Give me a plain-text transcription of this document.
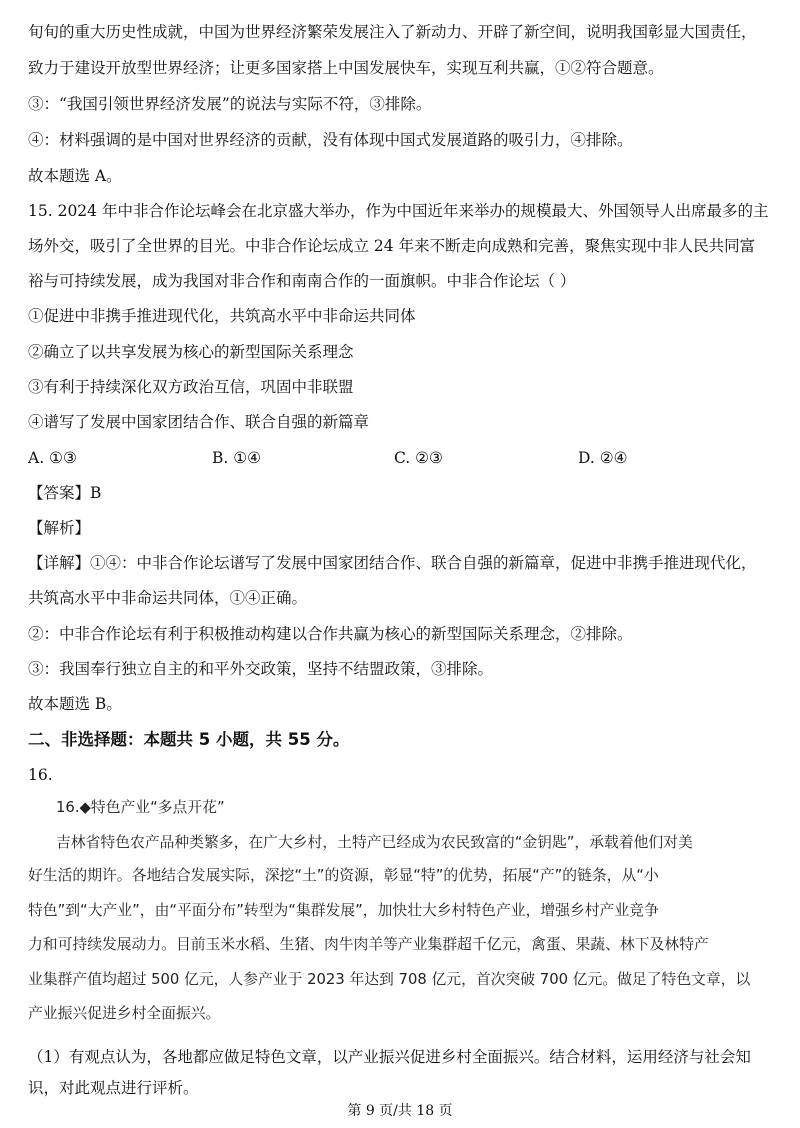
旬旬的重大历史性成就，中国为世界经济繁荣发展注入了新动力、开辟了新空间，说明我国彰显大国责任，
致力于建设开放型世界经济；让更多国家搭上中国发展快车，实现互利共赢，①②符合题意。
③：“我国引领世界经济发展”的说法与实际不符，③排除。
④：材料强调的是中国对世界经济的贡献，没有体现中国式发展道路的吸引力，④排除。
故本题选 A。
15. 2024 年中非合作论坛峰会在北京盛大举办，作为中国近年来举办的规模最大、外国领导人出席最多的主
场外交，吸引了全世界的目光。中非合作论坛成立 24 年来不断走向成熟和完善，聚焦实现中非人民共同富
裕与可持续发展，成为我国对非合作和南南合作的一面旗帜。中非合作论坛（ ）
①促进中非携手推进现代化，共筑高水平中非命运共同体
②确立了以共享发展为核心的新型国际关系理念
③有利于持续深化双方政治互信，巩固中非联盟
④谱写了发展中国家团结合作、联合自强的新篇章
A. ①③	B. ①④	C. ②③	D. ②④
【答案】B
【解析】
【详解】①④：中非合作论坛谱写了发展中国家团结合作、联合自强的新篇章，促进中非携手推进现代化，
共筑高水平中非命运共同体，①④正确。
②：中非合作论坛有利于积极推动构建以合作共赢为核心的新型国际关系理念，②排除。
③：我国奉行独立自主的和平外交政策，坚持不结盟政策，③排除。
故本题选 B。
二、非选择题：本题共 5 小题，共 55 分。
16.
16.◆特色产业“多点开花”
吉林省特色农产品种类繁多，在广大乡村，土特产已经成为农民致富的“金钥匙”，承载着他们对美
好生活的期许。各地结合发展实际，深挖“土”的资源，彰显“特”的优势，拓展“产”的链条，从“小
特色”到“大产业”，由“平面分布”转型为“集群发展”，加快壮大乡村特色产业，增强乡村产业竞争
力和可持续发展动力。目前玉米水稻、生猪、肉牛肉羊等产业集群超千亿元，禽蛋、果蔬、林下及林特产
业集群产值均超过 500 亿元，人参产业于 2023 年达到 708 亿元，首次突破 700 亿元。做足了特色文章，以
产业振兴促进乡村全面振兴。
（1）有观点认为，各地都应做足特色文章，以产业振兴促进乡村全面振兴。结合材料，运用经济与社会知
识，对此观点进行评析。
第 9 页/共 18 页
